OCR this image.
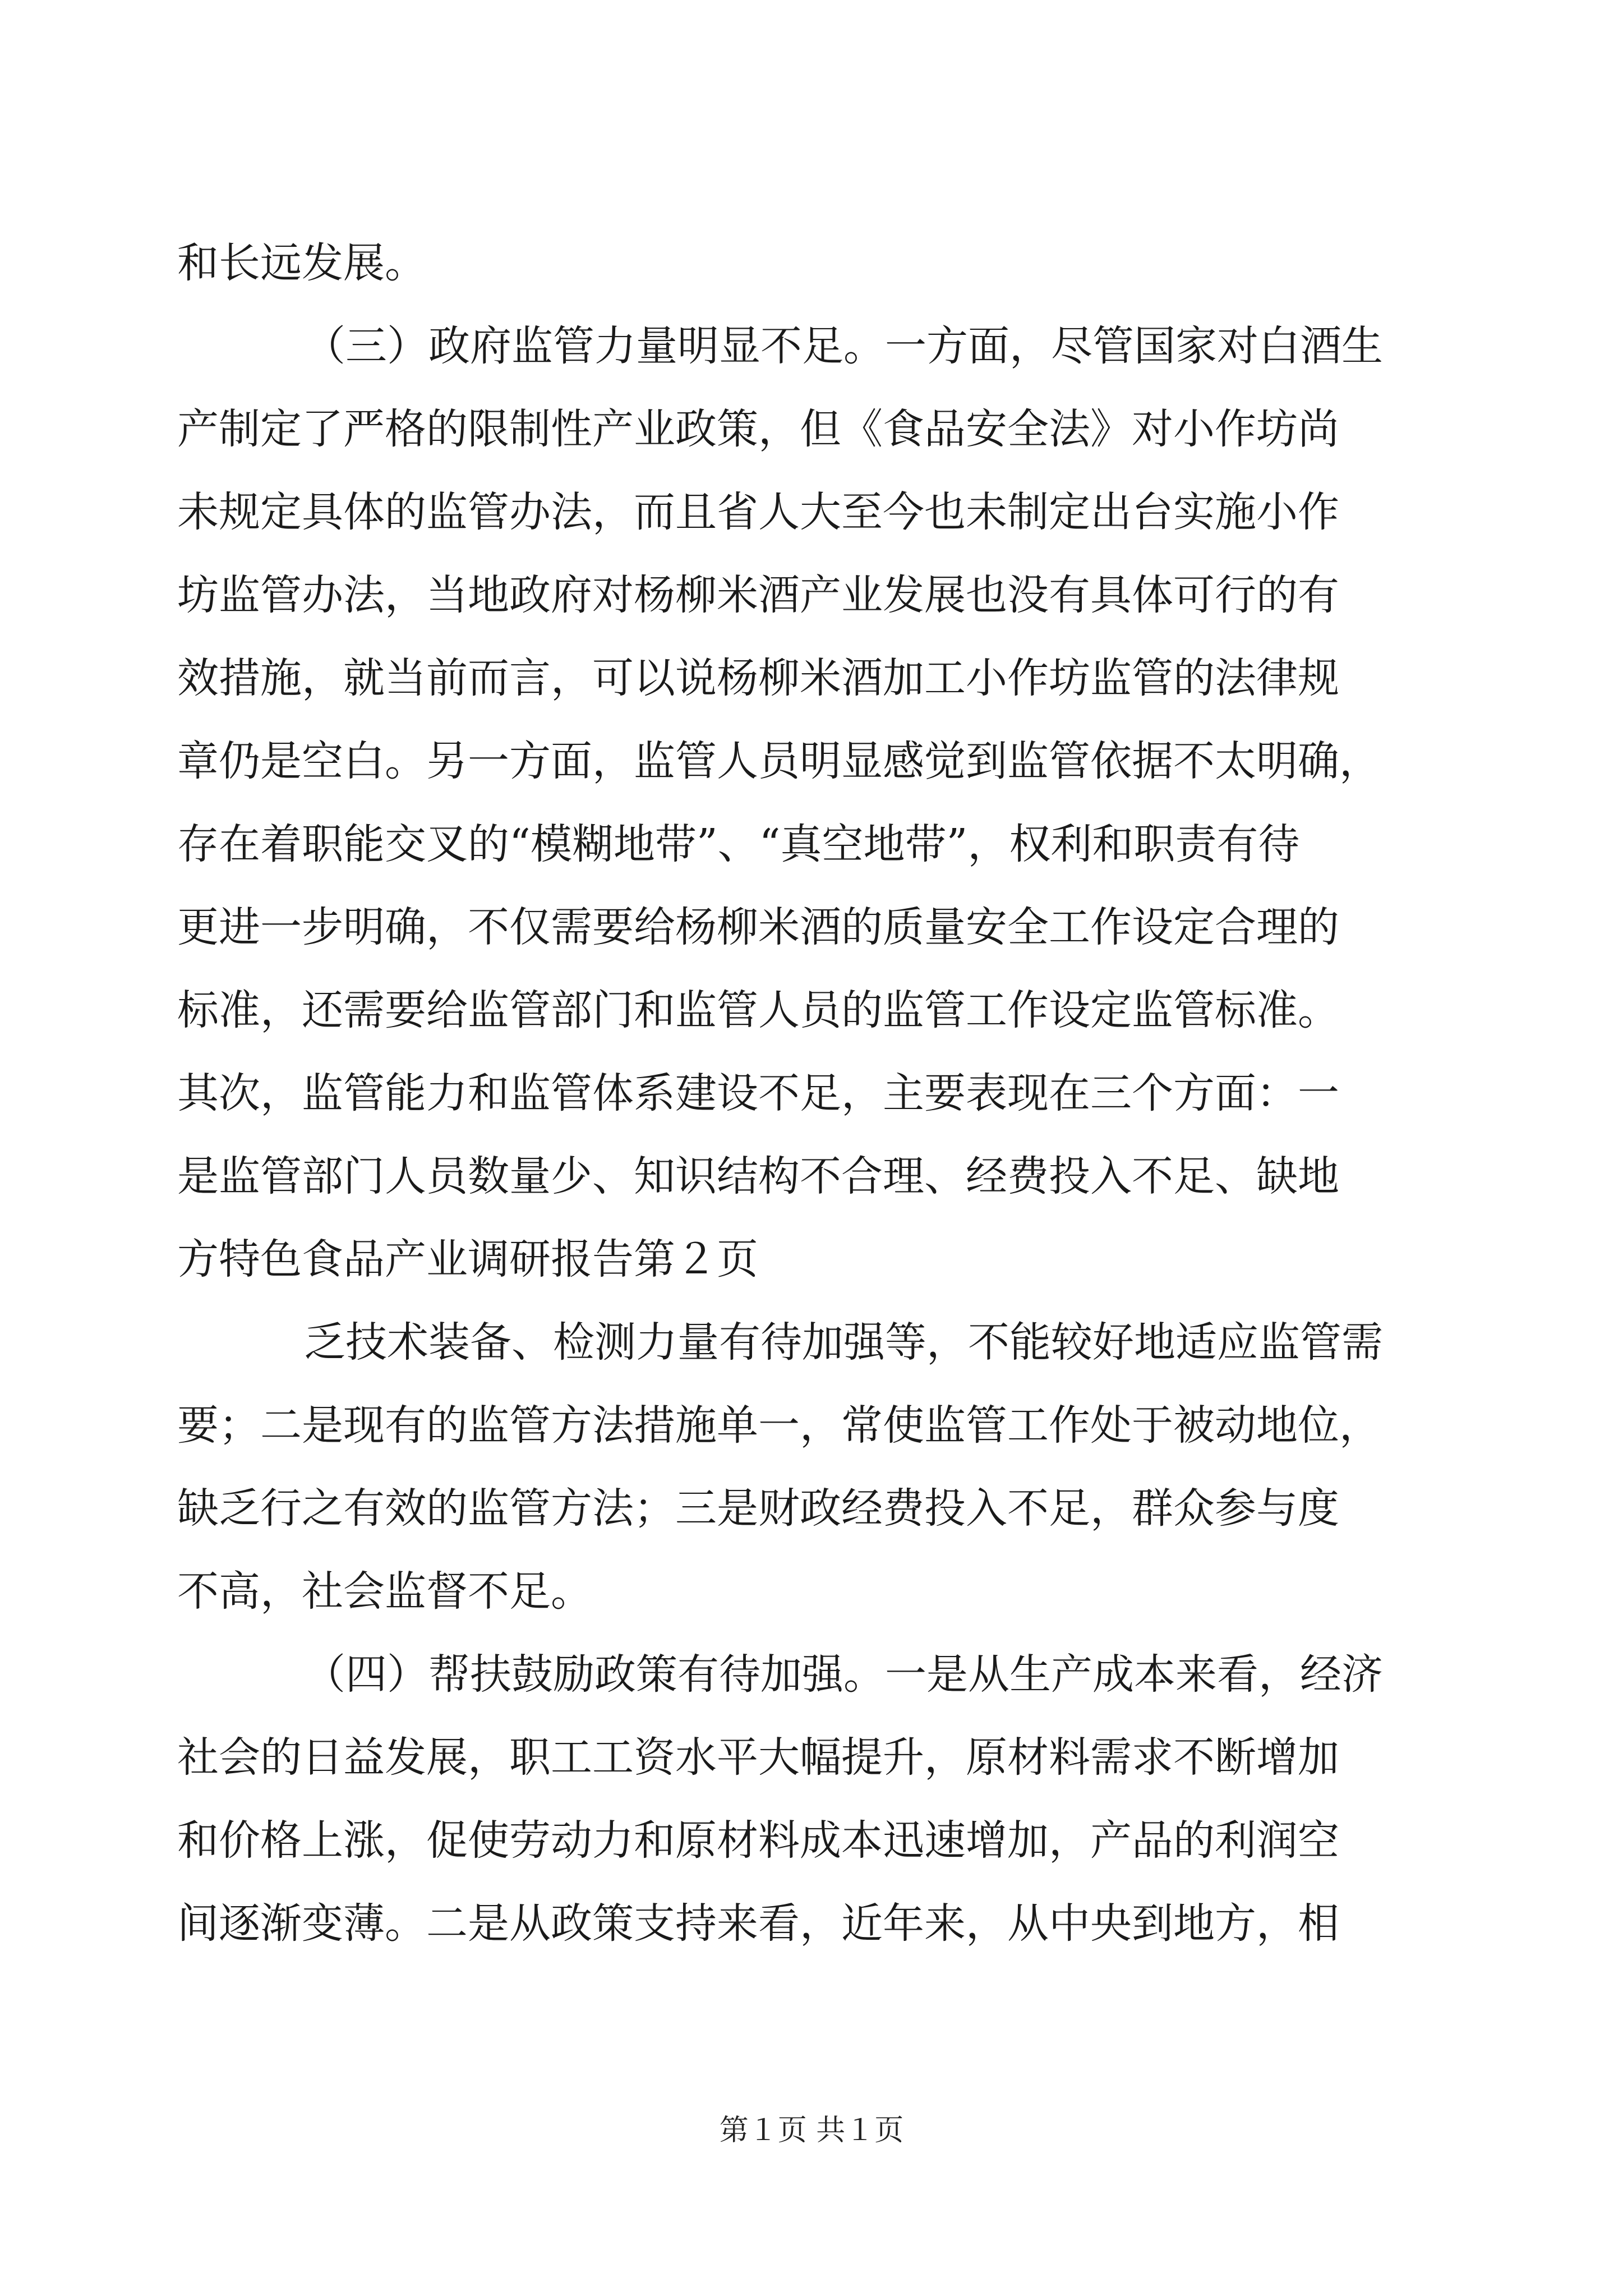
和长远发展。
（三）政府监管力量明显不足。一方面，尽管国家对白酒生
产制定了严格的限制性产业政策，但《食品安全法》对小作坊尚
未规定具体的监管办法，而且省人大至今也未制定出台实施小作
坊监管办法，当地政府对杨柳米酒产业发展也没有具体可行的有
效措施，就当前而言，可以说杨柳米酒加工小作坊监管的法律规
章仍是空白。另一方面，监管人员明显感觉到监管依据不太明确，
存在着职能交叉的“模糊地带”、“真空地带”，权利和职责有待
更进一步明确，不仅需要给杨柳米酒的质量安全工作设定合理的
标准，还需要给监管部门和监管人员的监管工作设定监管标准。
其次，监管能力和监管体系建设不足，主要表现在三个方面：一
是监管部门人员数量少、知识结构不合理、经费投入不足、缺地
方特色食品产业调研报告第２页
乏技术装备、检测力量有待加强等，不能较好地适应监管需
要；二是现有的监管方法措施单一，常使监管工作处于被动地位，
缺乏行之有效的监管方法；三是财政经费投入不足，群众参与度
不高，社会监督不足。
（四）帮扶鼓励政策有待加强。一是从生产成本来看，经济
社会的日益发展，职工工资水平大幅提升，原材料需求不断增加
和价格上涨，促使劳动力和原材料成本迅速增加，产品的利润空
间逐渐变薄。二是从政策支持来看，近年来，从中央到地方，相
第１页 共１页
